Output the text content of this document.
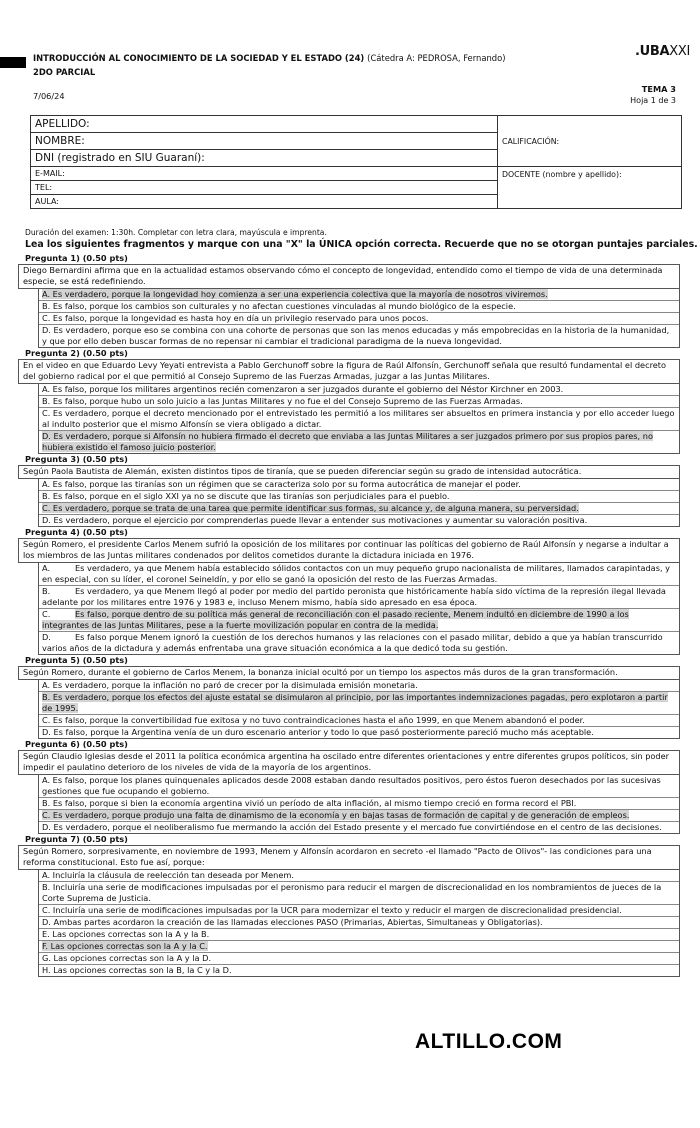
INTRODUCCIÓN AL CONOCIMIENTO DE LA SOCIEDAD Y EL ESTADO (24) (Cátedra A: PEDROSA, Fernando)
2DO PARCIAL
7/06/24
.UBAXXI
TEMA 3
Hoja 1 de 3
APELLIDO:	CALIFICACIÓN:
NOMBRE:	
DNI (registrado en SIU Guaraní):	
E-MAIL:	DOCENTE (nombre y apellido):
TEL:	
AULA:	
Duración del examen: 1:30h. Completar con letra clara, mayúscula e imprenta.
Lea los siguientes fragmentos y marque con una "X" la ÚNICA opción correcta. Recuerde que no se otorgan puntajes parciales.
Pregunta 1) (0.50 pts)
Diego Bernardini afirma que en la actualidad estamos observando cómo el concepto de longevidad, entendido como el tiempo de vida de una determinada especie, se está redefiniendo.
A. Es verdadero, porque la longevidad hoy comienza a ser una experiencia colectiva que la mayoría de nosotros viviremos.
B. Es falso, porque los cambios son culturales y no afectan cuestiones vinculadas al mundo biológico de la especie.
C. Es falso, porque la longevidad es hasta hoy en día un privilegio reservado para unos pocos.
D. Es verdadero, porque eso se combina con una cohorte de personas que son las menos educadas y más empobrecidas en la historia de la humanidad, y que por ello deben buscar formas de no repensar ni cambiar el tradicional paradigma de la nueva longevidad.
Pregunta 2) (0.50 pts)
En el video en que Eduardo Levy Yeyati entrevista a Pablo Gerchunoff sobre la figura de Raúl Alfonsín, Gerchunoff señala que resultó fundamental el decreto del gobierno radical por el que permitió al Consejo Supremo de las Fuerzas Armadas, juzgar a las Juntas Militares.
A. Es falso, porque los militares argentinos recién comenzaron a ser juzgados durante el gobierno del Néstor Kirchner en 2003.
B. Es falso, porque hubo un solo juicio a las Juntas Militares y no fue el del Consejo Supremo de las Fuerzas Armadas.
C. Es verdadero, porque el decreto mencionado por el entrevistado les permitió a los militares ser absueltos en primera instancia y por ello acceder luego al indulto posterior que el mismo Alfonsín se viera obligado a dictar.
D. Es verdadero, porque si Alfonsín no hubiera firmado el decreto que enviaba a las Juntas Militares a ser juzgados primero por sus propios pares, no hubiera existido el famoso juicio posterior.
Pregunta 3) (0.50 pts)
Según Paola Bautista de Alemán, existen distintos tipos de tiranía, que se pueden diferenciar según su grado de intensidad autocrática.
A. Es falso, porque las tiranías son un régimen que se caracteriza solo por su forma autocrática de manejar el poder.
B. Es falso, porque en el siglo XXI ya no se discute que las tiranías son perjudiciales para el pueblo.
C. Es verdadero, porque se trata de una tarea que permite identificar sus formas, su alcance y, de alguna manera, su perversidad.
D. Es verdadero, porque el ejercicio por comprenderlas puede llevar a entender sus motivaciones y aumentar su valoración positiva.
Pregunta 4) (0.50 pts)
Según Romero, el presidente Carlos Menem sufrió la oposición de los militares por continuar las políticas del gobierno de Raúl Alfonsín y negarse a indultar a los miembros de las Juntas militares condenados por delitos cometidos durante la dictadura iniciada en 1976.
A.	Es verdadero, ya que Menem había establecido sólidos contactos con un muy pequeño grupo nacionalista de militares, llamados carapintadas, y en especial, con su líder, el coronel Seineldín, y por ello se ganó la oposición del resto de las Fuerzas Armadas.
B.	Es verdadero, ya que Menem llegó al poder por medio del partido peronista que históricamente había sido víctima de la represión ilegal llevada adelante por los militares entre 1976 y 1983 e, incluso Menem mismo, había sido apresado en esa época.
C.	Es falso, porque dentro de su política más general de reconciliación con el pasado reciente, Menem indultó en diciembre de 1990 a los integrantes de las Juntas Militares, pese a la fuerte movilización popular en contra de la medida.
D.	Es falso porque Menem ignoró la cuestión de los derechos humanos y las relaciones con el pasado militar, debido a que ya habían transcurrido varios años de la dictadura y además enfrentaba una grave situación económica a la que dedicó toda su gestión.
Pregunta 5) (0.50 pts)
Según Romero, durante el gobierno de Carlos Menem, la bonanza inicial ocultó por un tiempo los aspectos más duros de la gran transformación.
A. Es verdadero, porque la inflación no paró de crecer por la disimulada emisión monetaria.
B. Es verdadero, porque los efectos del ajuste estatal se disimularon al principio, por las importantes indemnizaciones pagadas, pero explotaron a partir de 1995.
C. Es falso, porque la convertibilidad fue exitosa y no tuvo contraindicaciones hasta el año 1999, en que Menem abandonó el poder.
D. Es falso, porque la Argentina venía de un duro escenario anterior y todo lo que pasó posteriormente pareció mucho más aceptable.
Pregunta 6) (0.50 pts)
Según Claudio Iglesias desde el 2011 la política económica argentina ha oscilado entre diferentes orientaciones y entre diferentes grupos políticos, sin poder impedir el paulatino deterioro de los niveles de vida de la mayoría de los argentinos.
A. Es falso, porque los planes quinquenales aplicados desde 2008 estaban dando resultados positivos, pero éstos fueron desechados por las sucesivas gestiones que fue ocupando el gobierno.
B. Es falso, porque si bien la economía argentina vivió un período de alta inflación, al mismo tiempo creció en forma record el PBI.
C. Es verdadero, porque produjo una falta de dinamismo de la economía y en bajas tasas de formación de capital y de generación de empleos.
D. Es verdadero, porque el neoliberalismo fue mermando la acción del Estado presente y el mercado fue convirtiéndose en el centro de las decisiones.
Pregunta 7) (0.50 pts)
Según Romero, sorpresivamente, en noviembre de 1993, Menem y Alfonsín acordaron en secreto -el llamado "Pacto de Olivos"- las condiciones para una reforma constitucional. Esto fue así, porque:
A. Incluiría la cláusula de reelección tan deseada por Menem.
B. Incluiría una serie de modificaciones impulsadas por el peronismo para reducir el margen de discrecionalidad en los nombramientos de jueces de la Corte Suprema de Justicia.
C. Incluiría una serie de modificaciones impulsadas por la UCR para modernizar el texto y reducir el margen de discrecionalidad presidencial.
D. Ambas partes acordaron la creación de las llamadas elecciones PASO (Primarias, Abiertas, Simultaneas y Obligatorias).
E. Las opciones correctas son la A y la B.
F. Las opciones correctas son la A y la C.
G. Las opciones correctas son la A y la D.
H. Las opciones correctas son la B, la C y la D.
ALTILLO.COM
